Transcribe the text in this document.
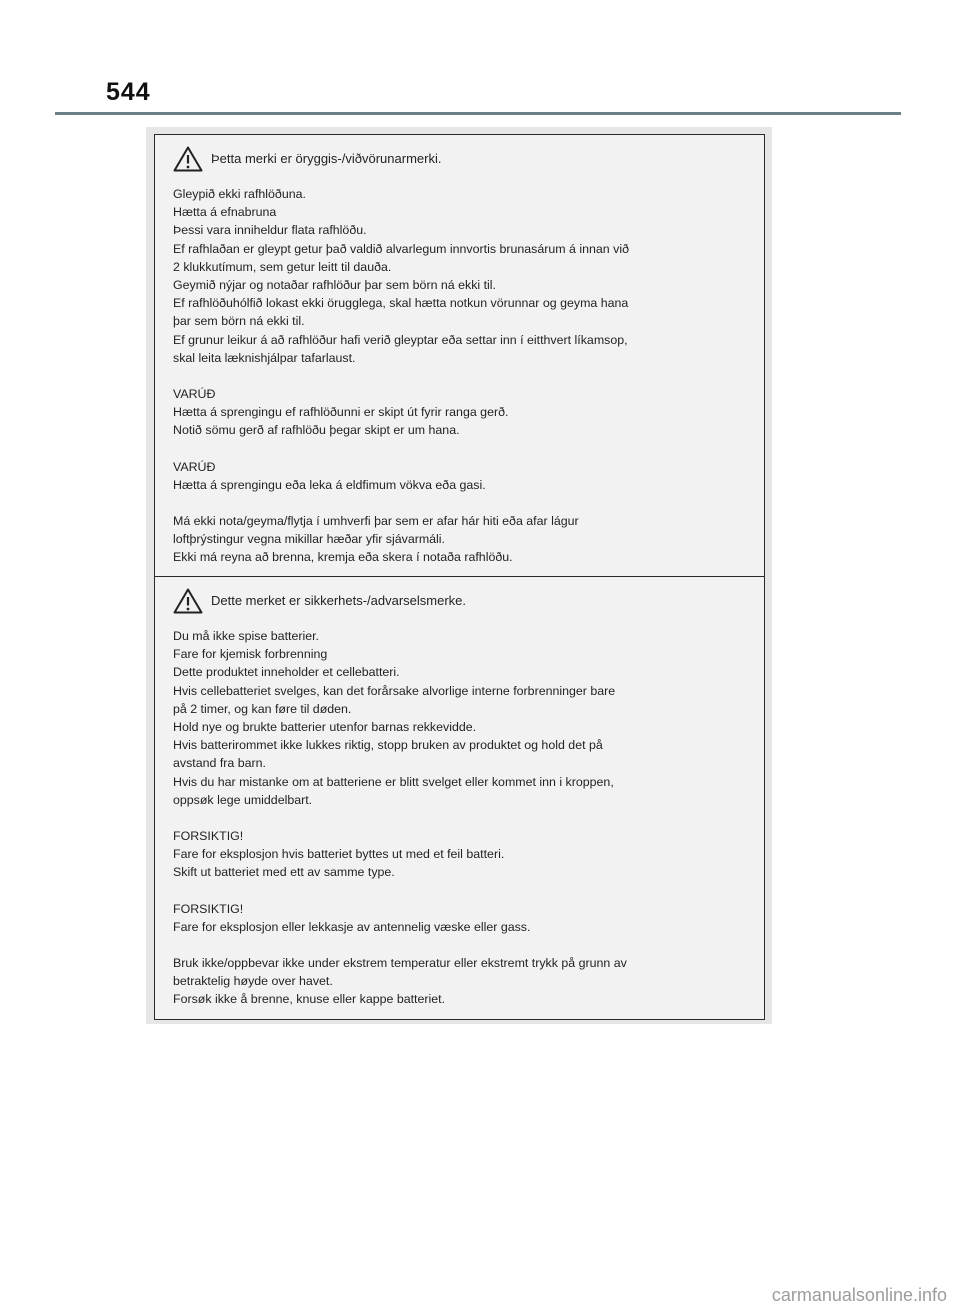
544
Þetta merki er öryggis-/viðvörunarmerki.
Gleypið ekki rafhlöðuna.
Hætta á efnabruna
Þessi vara inniheldur flata rafhlöðu.
Ef rafhlaðan er gleypt getur það valdið alvarlegum innvortis brunasárum á innan við
2 klukkutímum, sem getur leitt til dauða.
Geymið nýjar og notaðar rafhlöður þar sem börn ná ekki til.
Ef rafhlöðuhólfið lokast ekki örugglega, skal hætta notkun vörunnar og geyma hana
þar sem börn ná ekki til.
Ef grunur leikur á að rafhlöður hafi verið gleyptar eða settar inn í eitthvert líkamsop,
skal leita læknishjálpar tafarlaust.
VARÚÐ
Hætta á sprengingu ef rafhlöðunni er skipt út fyrir ranga gerð.
Notið sömu gerð af rafhlöðu þegar skipt er um hana.
VARÚÐ
Hætta á sprengingu eða leka á eldfimum vökva eða gasi.
Má ekki nota/geyma/flytja í umhverfi þar sem er afar hár hiti eða afar lágur
loftþrýstingur vegna mikillar hæðar yfir sjávarmáli.
Ekki má reyna að brenna, kremja eða skera í notaða rafhlöðu.
Dette merket er sikkerhets-/advarselsmerke.
Du må ikke spise batterier.
Fare for kjemisk forbrenning
Dette produktet inneholder et cellebatteri.
Hvis cellebatteriet svelges, kan det forårsake alvorlige interne forbrenninger bare
på 2 timer, og kan føre til døden.
Hold nye og brukte batterier utenfor barnas rekkevidde.
Hvis batterirommet ikke lukkes riktig, stopp bruken av produktet og hold det på
avstand fra barn.
Hvis du har mistanke om at batteriene er blitt svelget eller kommet inn i kroppen,
oppsøk lege umiddelbart.
FORSIKTIG!
Fare for eksplosjon hvis batteriet byttes ut med et feil batteri.
Skift ut batteriet med ett av samme type.
FORSIKTIG!
Fare for eksplosjon eller lekkasje av antennelig væske eller gass.
Bruk ikke/oppbevar ikke under ekstrem temperatur eller ekstremt trykk på grunn av
betraktelig høyde over havet.
Forsøk ikke å brenne, knuse eller kappe batteriet.
carmanualsonline.info
